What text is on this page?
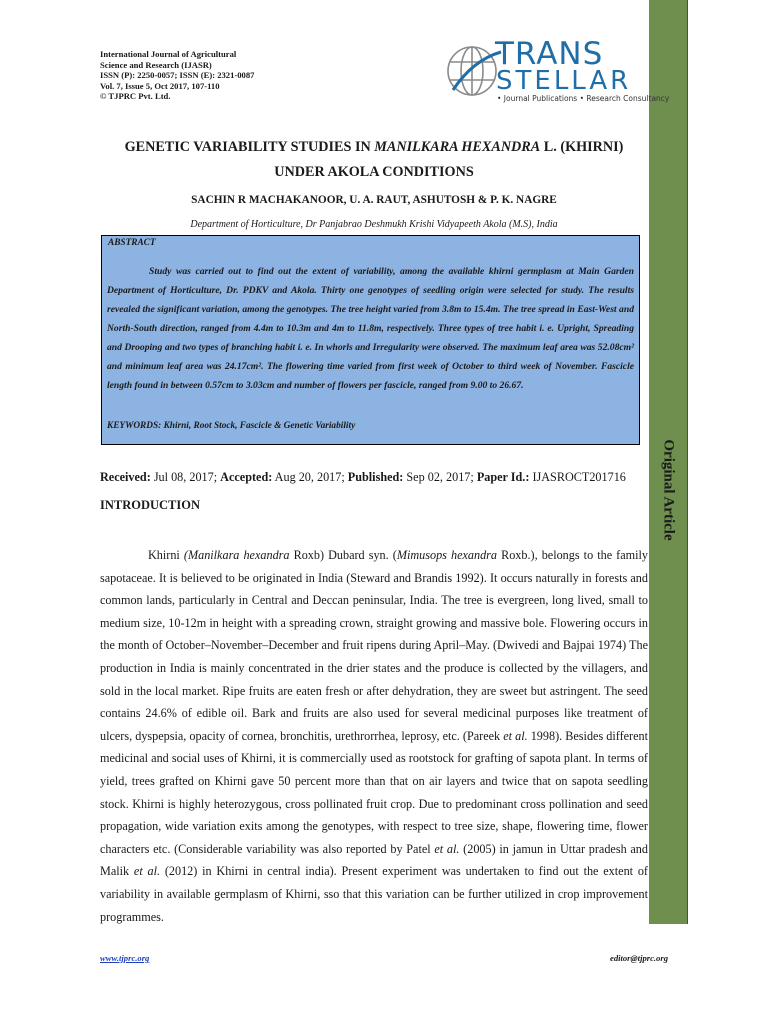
Original Article
International Journal of Agricultural
Science and Research (IJASR)
ISSN (P): 2250-0057; ISSN (E): 2321-0087
Vol. 7, Issue 5, Oct 2017, 107-110
© TJPRC Pvt. Ltd.
TRANS
STELLAR
• Journal Publications • Research Consultancy
GENETIC VARIABILITY STUDIES IN MANILKARA HEXANDRA L. (KHIRNI)
UNDER AKOLA CONDITIONS
SACHIN R MACHAKANOOR, U. A. RAUT, ASHUTOSH & P. K. NAGRE
Department of Horticulture, Dr Panjabrao Deshmukh Krishi Vidyapeeth Akola (M.S), India
ABSTRACT
Study was carried out to find out the extent of variability, among the available khirni germplasm at Main Garden Department of Horticulture, Dr. PDKV and Akola. Thirty one genotypes of seedling origin were selected for study. The results revealed the significant variation, among the genotypes. The tree height varied from 3.8m to 15.4m. The tree spread in East-West and North-South direction, ranged from 4.4m to 10.3m and 4m to 11.8m, respectively. Three types of tree habit i. e. Upright, Spreading and Drooping and two types of branching habit i. e. In whorls and Irregularity were observed. The maximum leaf area was 52.08cm² and minimum leaf area was 24.17cm². The flowering time varied from first week of October to third week of November. Fascicle length found in between 0.57cm to 3.03cm and number of flowers per fascicle, ranged from 9.00 to 26.67.
KEYWORDS: Khirni, Root Stock, Fascicle & Genetic Variability
Received: Jul 08, 2017; Accepted: Aug 20, 2017; Published: Sep 02, 2017; Paper Id.: IJASROCT201716
INTRODUCTION
Khirni (Manilkara hexandra Roxb) Dubard syn. (Mimusops hexandra Roxb.), belongs to the family sapotaceae. It is believed to be originated in India (Steward and Brandis 1992). It occurs naturally in forests and common lands, particularly in Central and Deccan peninsular, India. The tree is evergreen, long lived, small to medium size, 10-12m in height with a spreading crown, straight growing and massive bole. Flowering occurs in the month of October–November–December and fruit ripens during April–May. (Dwivedi and Bajpai 1974) The production in India is mainly concentrated in the drier states and the produce is collected by the villagers, and sold in the local market. Ripe fruits are eaten fresh or after dehydration, they are sweet but astringent. The seed contains 24.6% of edible oil. Bark and fruits are also used for several medicinal purposes like treatment of ulcers, dyspepsia, opacity of cornea, bronchitis, urethrorrhea, leprosy, etc. (Pareek et al. 1998). Besides different medicinal and social uses of Khirni, it is commercially used as rootstock for grafting of sapota plant. In terms of yield, trees grafted on Khirni gave 50 percent more than that on air layers and twice that on sapota seedling stock. Khirni is highly heterozygous, cross pollinated fruit crop. Due to predominant cross pollination and seed propagation, wide variation exits among the genotypes, with respect to tree size, shape, flowering time, flower characters etc. (Considerable variability was also reported by Patel et al. (2005) in jamun in Uttar pradesh and Malik et al. (2012) in Khirni in central india). Present experiment was undertaken to find out the extent of variability in available germplasm of Khirni, sso that this variation can be further utilized in crop improvement programmes.
www.tjprc.org	editor@tjprc.org
